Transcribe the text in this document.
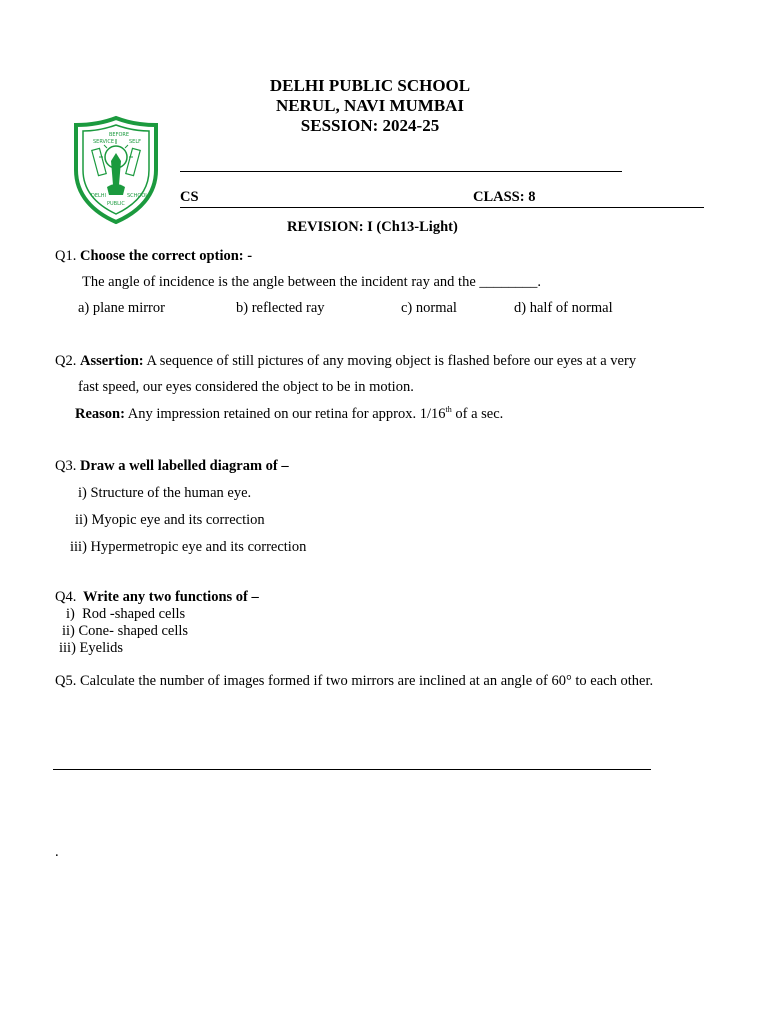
DELHI PUBLIC SCHOOL
NERUL, NAVI MUMBAI
SESSION: 2024-25
SERVICE
BEFORE
SELF
DELHI
PUBLIC
SCHOOL CS	CLASS: 8
REVISION: I (Ch13-Light)
Q1. Choose the correct option: -
The angle of incidence is the angle between the incident ray and the ________.
a) plane mirror	b) reflected ray	c) normal	d) half of normal
Q2. Assertion: A sequence of still pictures of any moving object is flashed before our eyes at a very
fast speed, our eyes considered the object to be in motion.
Reason: Any impression retained on our retina for approx. 1/16th of a sec.
Q3. Draw a well labelled diagram of –
i) Structure of the human eye.
ii) Myopic eye and its correction
iii) Hypermetropic eye and its correction
Q4. Write any two functions of –
i)  Rod -shaped cells
ii) Cone- shaped cells
iii) Eyelids
Q5. Calculate the number of images formed if two mirrors are inclined at an angle of 60° to each other.
.
